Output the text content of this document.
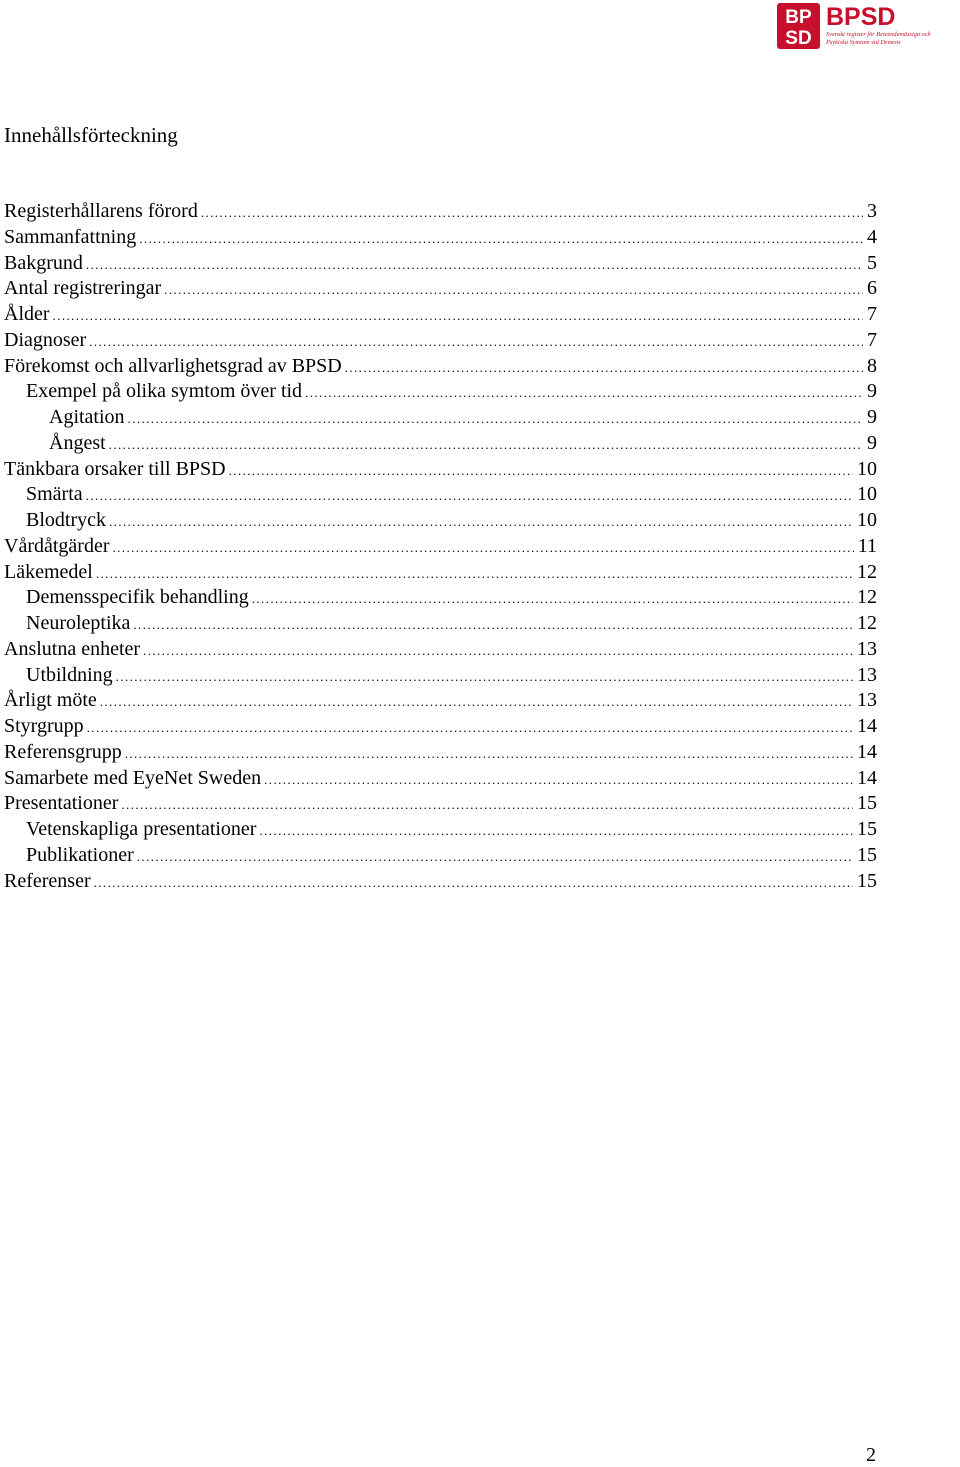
BP
SD
BPSD
Svenskt register för Beteendemässiga och
Psykiska Symtom vid Demens
Innehållsförteckning
Registerhållarens förord .....	3
Sammanfattning .....	4
Bakgrund .....	5
Antal registreringar .....	6
Ålder .....	7
Diagnoser .....	7
Förekomst och allvarlighetsgrad av BPSD .....	8
Exempel på olika symtom över tid .....	9
Agitation .....	9
Ångest .....	9
Tänkbara orsaker till BPSD .....	10
Smärta .....	10
Blodtryck .....	10
Vårdåtgärder .....	11
Läkemedel .....	12
Demensspecifik behandling .....	12
Neuroleptika .....	12
Anslutna enheter .....	13
Utbildning .....	13
Årligt möte .....	13
Styrgrupp .....	14
Referensgrupp .....	14
Samarbete med EyeNet Sweden .....	14
Presentationer .....	15
Vetenskapliga presentationer .....	15
Publikationer .....	15
Referenser .....	15
2
